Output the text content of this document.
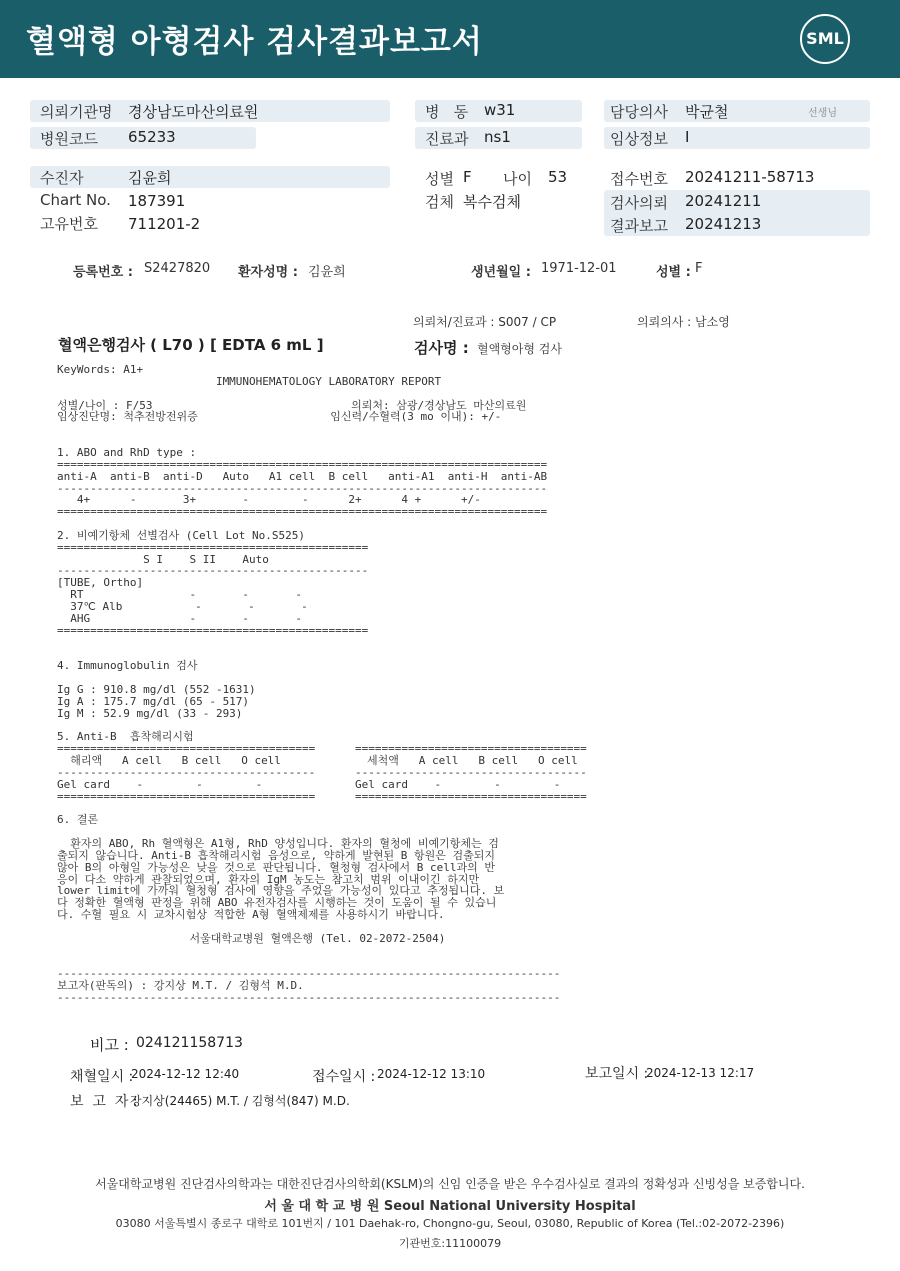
혈액형 아형검사 검사결과보고서	SML
의뢰기관명 경상남도마산의료원
병원코드 65233
병   동 w31
진료과 ns1
담당의사 박균철	선생님
임상정보 I
수진자	김윤희
Chart No. 187391
고유번호 711201-2
성별 F 나이 53
검체 복수검체
접수번호 20241211-58713
검사의뢰 20241211
결과보고 20241213
등록번호 : S2427820 환자성명 : 김윤희	생년월일 : 1971-12-01	성별 : F
의뢰처/진료과 : S007 / CP	의뢰의사 : 남소영
혈액은행검사 ( L70 ) [ EDTA 6 mL ]	검사명 : 혈액형아형 검사
KeyWords: A1+
IMMUNOHEMATOLOGY LABORATORY REPORT
성별/나이 : F/53                              의뢰처: 삼광/경상남도 마산의료원
임상진단명: 척추전방전위증                    임신력/수혈력(3 mo 이내): +/-
1. ABO and RhD type :
==========================================================================
anti-A  anti-B  anti-D   Auto   A1 cell  B cell   anti-A1  anti-H  anti-AB
--------------------------------------------------------------------------
4+      -       3+       -        -      2+      4 +      +/-
==========================================================================
2. 비예기항체 선별검사 (Cell Lot No.S525)
===============================================
S I    S II    Auto
-----------------------------------------------
[TUBE, Ortho]
RT                -       -       -
37℃ Alb           -       -       -
AHG               -       -       -
===============================================
4. Immunoglobulin 검사
Ig G : 910.8 mg/dl (552 -1631)
Ig A : 175.7 mg/dl (65 - 517)
Ig M : 52.9 mg/dl (33 - 293)
5. Anti-B  흡착해리시험
=======================================      ===================================
해리액   A cell   B cell   O cell             세척액   A cell   B cell   O cell
---------------------------------------      -----------------------------------
Gel card    -        -        -              Gel card    -        -        -
=======================================      ===================================
6. 결론
환자의 ABO, Rh 혈액형은 A1형, RhD 양성입니다. 환자의 혈청에 비예기항체는 검
출되지 않습니다. Anti-B 흡착해리시험 음성으로, 약하게 발현된 B 항원은 검출되지
않아 B의 아형일 가능성은 낮을 것으로 판단됩니다. 혈청형 검사에서 B cell과의 반
응이 다소 약하게 관찰되었으며, 환자의 IgM 농도는 참고치 범위 이내이긴 하지만
lower limit에 가까워 혈청형 검사에 영향을 주었을 가능성이 있다고 추정됩니다. 보
다 정확한 혈액형 판정을 위해 ABO 유전자검사를 시행하는 것이 도움이 될 수 있습니
다. 수혈 필요 시 교차시험상 적합한 A형 혈액제제를 사용하시기 바랍니다.
서울대학교병원 혈액은행 (Tel. 02-2072-2504)
----------------------------------------------------------------------------
보고자(판독의) : 강지상 M.T. / 김형석 M.D.
----------------------------------------------------------------------------
비고 : 024121158713
채혈일시 :
2024-12-12 12:40	접수일시 : 2024-12-12 13:10	보고일시 :
2024-12-13 12:17
보  고  자 :
강지상(24465) M.T. / 김형석(847) M.D.
서울대학교병원 진단검사의학과는 대한진단검사의학회(KSLM)의 신임 인증을 받은 우수검사실로 결과의 정확성과 신빙성을 보증합니다.
서 울 대 학 교 병 원 Seoul National University Hospital
03080 서울특별시 종로구 대학로 101번지 / 101 Daehak-ro, Chongno-gu, Seoul, 03080, Republic of Korea (Tel.:02-2072-2396)
기관번호:11100079
